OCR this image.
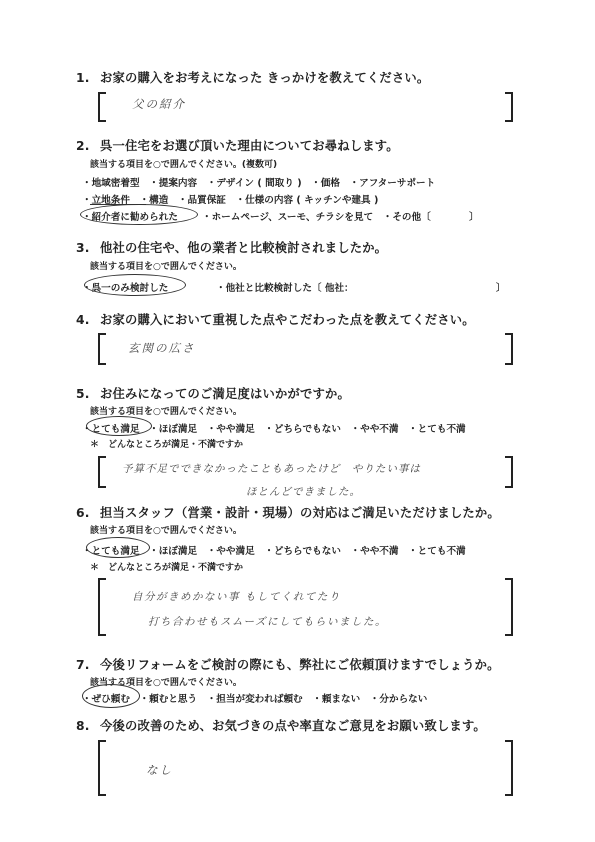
1. お家の購入をお考えになった きっかけを教えてください。
父の紹介
2. 呉一住宅をお選び頂いた理由についてお尋ねします。
該当する項目を○で囲んでください。(複数可)
・地域密着型　・提案内容　・デザイン ( 間取り )　・価格　・アフターサポート
・立地条件　・構造　・品質保証　・仕様の内容 ( キッチンや建具 )
・紹介者に勧められた	・ホームページ、スーモ、チラシを見て　・その他〔　　　　〕
3. 他社の住宅や、他の業者と比較検討されましたか。
該当する項目を○で囲んでください。
・呉一のみ検討した	・他社と比較検討した〔 他社：	〕
4. お家の購入において重視した点やこだわった点を教えてください。
玄関の広さ
5. お住みになってのご満足度はいかがですか。
該当する項目を○で囲んでください。
・とても満足　・ほぼ満足　・やや満足　・どちらでもない　・やや不満　・とても不満
＊　どんなところが満足・不満ですか
予算不足でできなかったこともあったけど　やりたい事は
ほとんどできました。
6. 担当スタッフ（営業・設計・現場）の対応はご満足いただけましたか。
該当する項目を○で囲んでください。
・とても満足　・ほぼ満足　・やや満足　・どちらでもない　・やや不満　・とても不満
＊　どんなところが満足・不満ですか
自分がきめかない事 もしてくれてたり
打ち合わせもスムーズにしてもらいました。
7. 今後リフォームをご検討の際にも、弊社にご依頼頂けますでしょうか。
該当する項目を○で囲んでください。
・ぜひ頼む　・頼むと思う　・担当が変われば頼む　・頼まない　・分からない
8. 今後の改善のため、お気づきの点や率直なご意見をお願い致します。
なし
